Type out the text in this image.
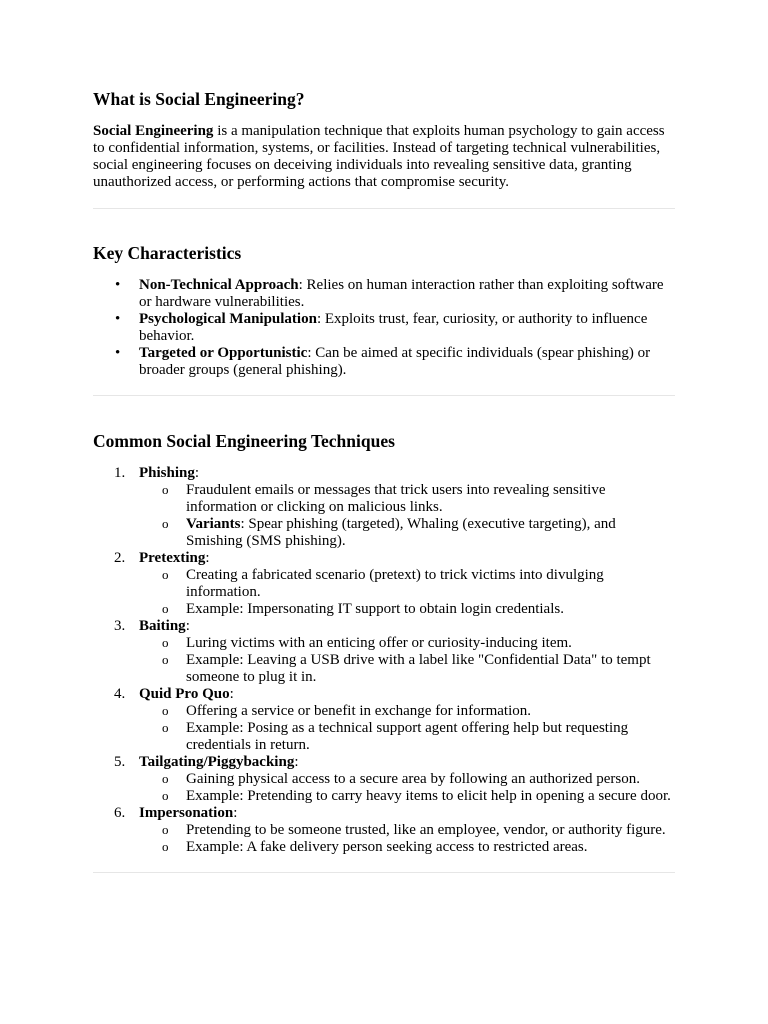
What is Social Engineering?

Social Engineering is a manipulation technique that exploits human psychology to gain access to confidential information, systems, or facilities. Instead of targeting technical vulnerabilities, social engineering focuses on deceiving individuals into revealing sensitive data, granting unauthorized access, or performing actions that compromise security.

Key Characteristics
• Non-Technical Approach: Relies on human interaction rather than exploiting software or hardware vulnerabilities.
• Psychological Manipulation: Exploits trust, fear, curiosity, or authority to influence behavior.
• Targeted or Opportunistic: Can be aimed at specific individuals (spear phishing) or broader groups (general phishing).
Common Social Engineering Techniques
1. Phishing:
o Fraudulent emails or messages that trick users into revealing sensitive information or clicking on malicious links.
o Variants: Spear phishing (targeted), Whaling (executive targeting), and Smishing (SMS phishing).
2. Pretexting:
o Creating a fabricated scenario (pretext) to trick victims into divulging information.
o Example: Impersonating IT support to obtain login credentials.
3. Baiting:
o Luring victims with an enticing offer or curiosity-inducing item.
o Example: Leaving a USB drive with a label like "Confidential Data" to tempt someone to plug it in.
4. Quid Pro Quo:
o Offering a service or benefit in exchange for information.
o Example: Posing as a technical support agent offering help but requesting credentials in return.
5. Tailgating/Piggybacking:
o Gaining physical access to a secure area by following an authorized person.
o Example: Pretending to carry heavy items to elicit help in opening a secure door.
6. Impersonation:
o Pretending to be someone trusted, like an employee, vendor, or authority figure.
o Example: A fake delivery person seeking access to restricted areas.
